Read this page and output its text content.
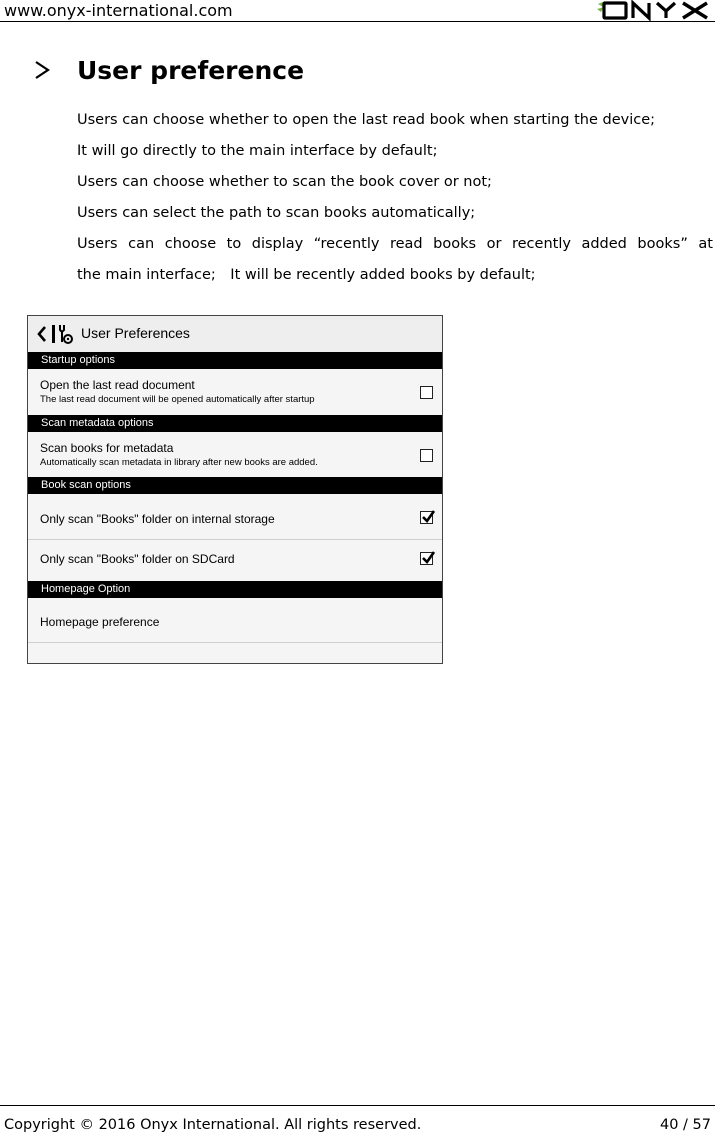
www.onyx-international.com
User preference
Users can choose whether to open the last read book when starting the device;
It will go directly to the main interface by default;
Users can choose whether to scan the book cover or not;
Users can select the path to scan books automatically;
Users can choose to display “recently read books or recently added books” at
the main interface;　It will be recently added books by default;
User Preferences
Startup options
Open the last read document
The last read document will be opened automatically after startup
Scan metadata options
Scan books for metadata
Automatically scan metadata in library after new books are added.
Book scan options
Only scan "Books" folder on internal storage
Only scan "Books" folder on SDCard
Homepage Option
Homepage preference
Copyright © 2016 Onyx International. All rights reserved.	40 / 57
